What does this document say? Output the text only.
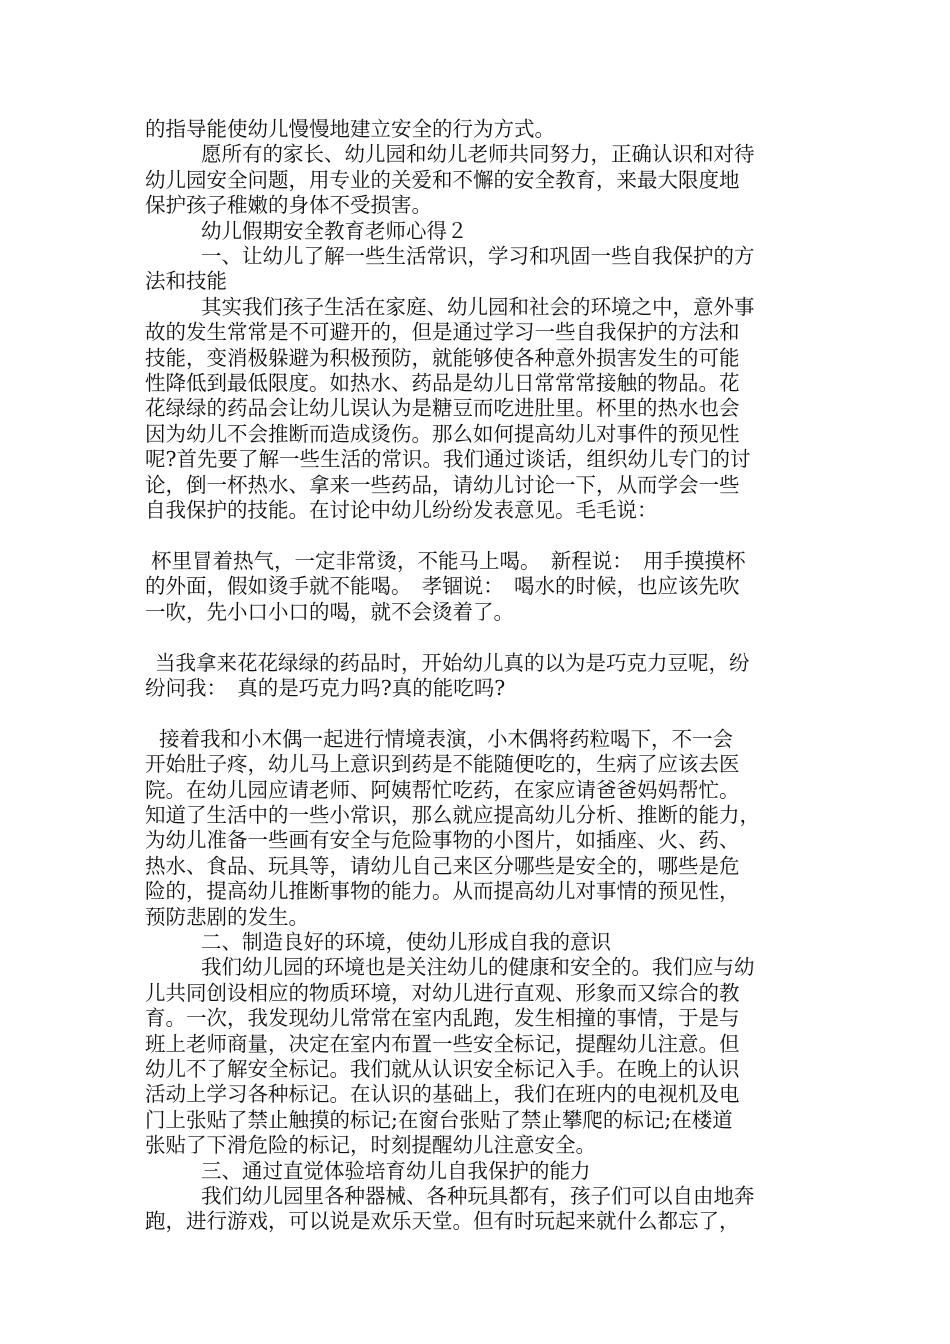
的指导能使幼儿慢慢地建立安全的行为方式。

愿所有的家长、幼儿园和幼儿老师共同努力，正确认识和对待

幼儿园安全问题，用专业的关爱和不懈的安全教育，来最大限度地

保护孩子稚嫩的身体不受损害。

幼儿假期安全教育老师心得２

一、让幼儿了解一些生活常识，学习和巩固一些自我保护的方

法和技能

其实我们孩子生活在家庭、幼儿园和社会的环境之中，意外事

故的发生常常是不可避开的，但是通过学习一些自我保护的方法和

技能，变消极躲避为积极预防，就能够使各种意外损害发生的可能

性降低到最低限度。如热水、药品是幼儿日常常常接触的物品。花

花绿绿的药品会让幼儿误认为是糖豆而吃进肚里。杯里的热水也会

因为幼儿不会推断而造成烫伤。那么如何提高幼儿对事件的预见性

呢?首先要了解一些生活的常识。我们通过谈话，组织幼儿专门的讨

论，倒一杯热水、拿来一些药品，请幼儿讨论一下，从而学会一些

自我保护的技能。在讨论中幼儿纷纷发表意见。毛毛说：

杯里冒着热气，一定非常烫，不能马上喝。　新程说：　用手摸摸杯

的外面，假如烫手就不能喝。　孝锢说：　喝水的时候，也应该先吹

一吹，先小口小口的喝，就不会烫着了。

当我拿来花花绿绿的药品时，开始幼儿真的以为是巧克力豆呢，纷

纷问我：　真的是巧克力吗?真的能吃吗?

接着我和小木偶一起进行情境表演，小木偶将药粒喝下，不一会

开始肚子疼，幼儿马上意识到药是不能随便吃的，生病了应该去医

院。在幼儿园应请老师、阿姨帮忙吃药，在家应请爸爸妈妈帮忙。

知道了生活中的一些小常识，那么就应提高幼儿分析、推断的能力，

为幼儿准备一些画有安全与危险事物的小图片，如插座、火、药、

热水、食品、玩具等，请幼儿自己来区分哪些是安全的，哪些是危

险的，提高幼儿推断事物的能力。从而提高幼儿对事情的预见性，

预防悲剧的发生。

二、制造良好的环境，使幼儿形成自我的意识

我们幼儿园的环境也是关注幼儿的健康和安全的。我们应与幼

儿共同创设相应的物质环境，对幼儿进行直观、形象而又综合的教

育。一次，我发现幼儿常常在室内乱跑，发生相撞的事情，于是与

班上老师商量，决定在室内布置一些安全标记，提醒幼儿注意。但

幼儿不了解安全标记。我们就从认识安全标记入手。在晚上的认识

活动上学习各种标记。在认识的基础上，我们在班内的电视机及电

门上张贴了禁止触摸的标记;在窗台张贴了禁止攀爬的标记;在楼道

张贴了下滑危险的标记，时刻提醒幼儿注意安全。

三、通过直觉体验培育幼儿自我保护的能力

我们幼儿园里各种器械、各种玩具都有，孩子们可以自由地奔

跑，进行游戏，可以说是欢乐天堂。但有时玩起来就什么都忘了，
